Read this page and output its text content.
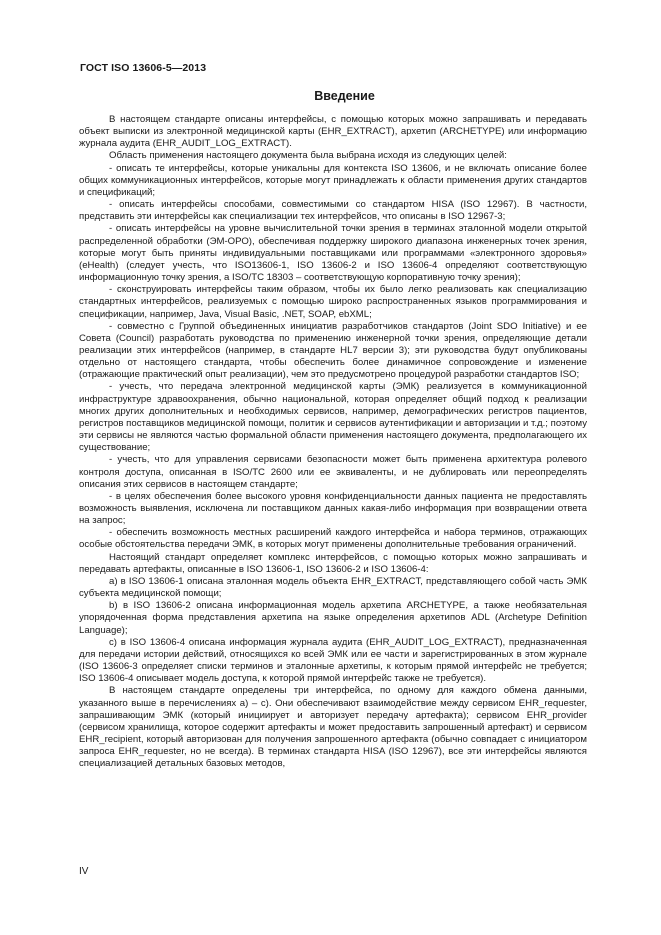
ГОСТ ISO 13606-5—2013
Введение

В настоящем стандарте описаны интерфейсы, с помощью которых можно запрашивать и передавать объект выписки из электронной медицинской карты (EHR_EXTRACT), архетип (ARCHETYPE) или информацию журнала аудита (EHR_AUDIT_LOG_EXTRACT).

Область применения настоящего документа была выбрана исходя из следующих целей:

- описать те интерфейсы, которые уникальны для контекста ISO 13606, и не включать описание более общих коммуникационных интерфейсов, которые могут принадлежать к области применения других стандартов и спецификаций;

- описать интерфейсы способами, совместимыми со стандартом HISA (ISO 12967). В частности, представить эти интерфейсы как специализации тех интерфейсов, что описаны в ISO 12967-3;

- описать интерфейсы на уровне вычислительной точки зрения в терминах эталонной модели открытой распределенной обработки (ЭМ-ОРО), обеспечивая поддержку широкого диапазона инженерных точек зрения, которые могут быть приняты индивидуальными поставщиками или программами «электронного здоровья» (eHealth) (следует учесть, что ISO13606-1, ISO 13606-2 и ISO 13606-4 определяют соответствующую информационную точку зрения, а ISO/TC 18303 – соответствующую корпоративную точку зрения);

- сконструировать интерфейсы таким образом, чтобы их было легко реализовать как специализацию стандартных интерфейсов, реализуемых с помощью широко распространенных языков программирования и спецификации, например, Java, Visual Basic, .NET, SOAP, ebXML;

- совместно с Группой объединенных инициатив разработчиков стандартов (Joint SDO Initiative) и ее Совета (Council) разработать руководства по применению инженерной точки зрения, определяющие детали реализации этих интерфейсов (например, в стандарте HL7 версии 3); эти руководства будут опубликованы отдельно от настоящего стандарта, чтобы обеспечить более динамичное сопровождение и изменение (отражающие практический опыт реализации), чем это предусмотрено процедурой разработки стандартов ISO;

- учесть, что передача электронной медицинской карты (ЭМК) реализуется в коммуникационной инфраструктуре здравоохранения, обычно национальной, которая определяет общий подход к реализации многих других дополнительных и необходимых сервисов, например, демографических регистров пациентов, регистров поставщиков медицинской помощи, политик и сервисов аутентификации и авторизации и т.д.; поэтому эти сервисы не являются частью формальной области применения настоящего документа, предполагающего их существование;

- учесть, что для управления сервисами безопасности может быть применена архитектура ролевого контроля доступа, описанная в ISO/TC 2600 или ее эквиваленты, и не дублировать или переопределять описания этих сервисов в настоящем стандарте;

- в целях обеспечения более высокого уровня конфиденциальности данных пациента не предоставлять возможность выявления, исключена ли поставщиком данных какая-либо информация при возвращении ответа на запрос;

- обеспечить возможность местных расширений каждого интерфейса и набора терминов, отражающих особые обстоятельства передачи ЭМК, в которых могут применены дополнительные требования ограничений.

Настоящий стандарт определяет комплекс интерфейсов, с помощью которых можно запрашивать и передавать артефакты, описанные в ISO 13606-1, ISO 13606-2 и ISO 13606-4:

a) в ISO 13606-1 описана эталонная модель объекта EHR_EXTRACT, представляющего собой часть ЭМК субъекта медицинской помощи;

b) в ISO 13606-2 описана информационная модель архетипа ARCHETYPE, а также необязательная упорядоченная форма представления архетипа на языке определения архетипов ADL (Archetype Definition Language);

c) в ISO 13606-4 описана информация журнала аудита (EHR_AUDIT_LOG_EXTRACT), предназначенная для передачи истории действий, относящихся ко всей ЭМК или ее части и зарегистрированных в этом журнале (ISO 13606-3 определяет списки терминов и эталонные архетипы, к которым прямой интерфейс не требуется; ISO 13606-4 описывает модель доступа, к которой прямой интерфейс также не требуется).

В настоящем стандарте определены три интерфейса, по одному для каждого обмена данными, указанного выше в перечислениях a) – c). Они обеспечивают взаимодействие между сервисом EHR_requester, запрашивающим ЭМК (который инициирует и авторизует передачу артефакта); сервисом EHR_provider (сервисом хранилища, которое содержит артефакты и может предоставить запрошенный артефакт) и сервисом EHR_recipient, который авторизован для получения запрошенного артефакта (обычно совпадает с инициатором запроса EHR_requester, но не всегда). В терминах стандарта HISA (ISO 12967), все эти интерфейсы являются специализацией детальных базовых методов,

IV
